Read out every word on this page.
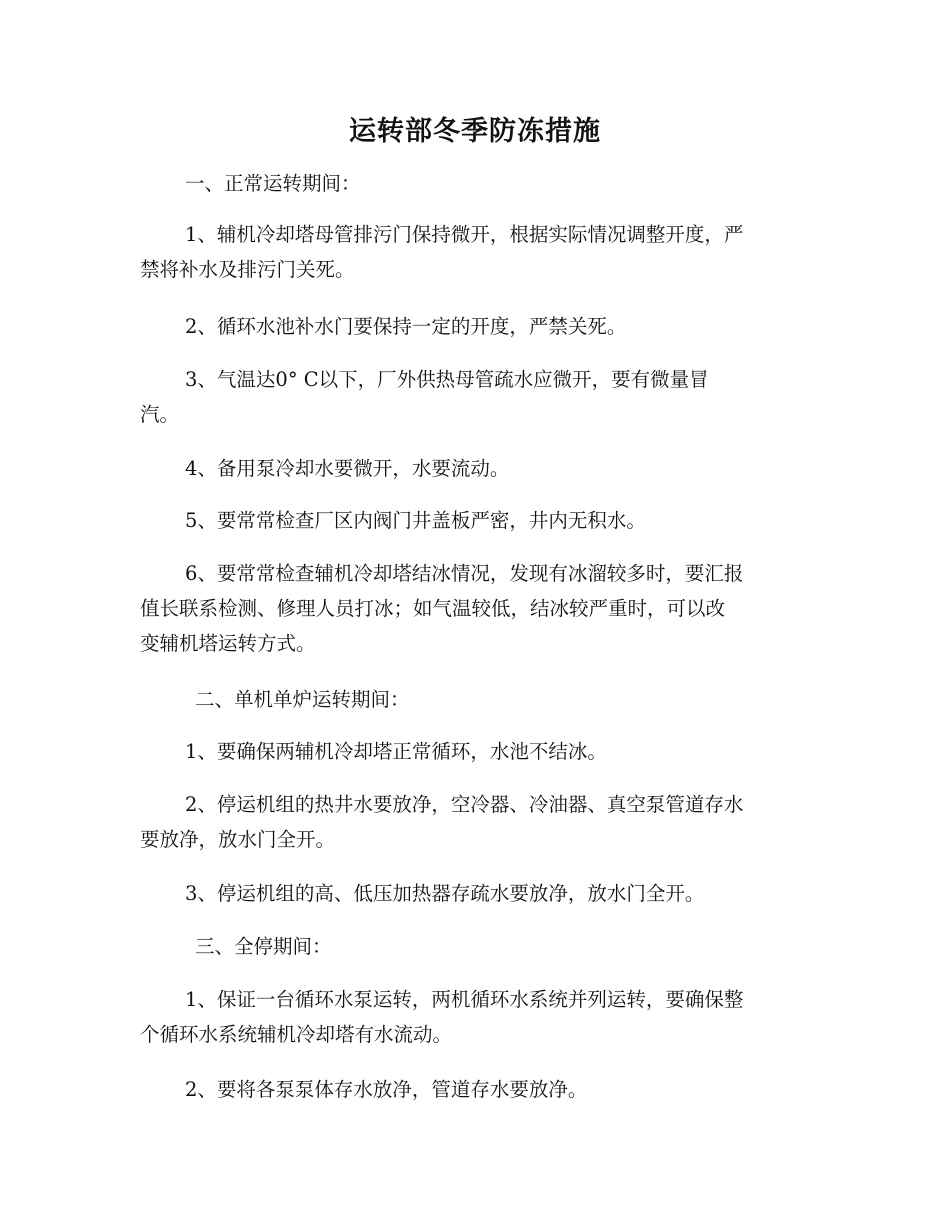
运转部冬季防冻措施

一、正常运转期间：

1、辅机冷却塔母管排污门保持微开，根据实际情况调整开度，严
禁将补水及排污门关死。

2、循环水池补水门要保持一定的开度，严禁关死。

3、气温达0° C以下，厂外供热母管疏水应微开，要有微量冒
汽。

4、备用泵冷却水要微开，水要流动。

5、要常常检查厂区内阀门井盖板严密，井内无积水。

6、要常常检查辅机冷却塔结冰情况，发现有冰溜较多时，要汇报
值长联系检测、修理人员打冰；如气温较低，结冰较严重时，可以改
变辅机塔运转方式。

二、单机单炉运转期间：

1、要确保两辅机冷却塔正常循环，水池不结冰。

2、停运机组的热井水要放净，空冷器、冷油器、真空泵管道存水
要放净，放水门全开。

3、停运机组的高、低压加热器存疏水要放净，放水门全开。

三、全停期间：

1、保证一台循环水泵运转，两机循环水系统并列运转，要确保整
个循环水系统辅机冷却塔有水流动。

2、要将各泵泵体存水放净，管道存水要放净。
